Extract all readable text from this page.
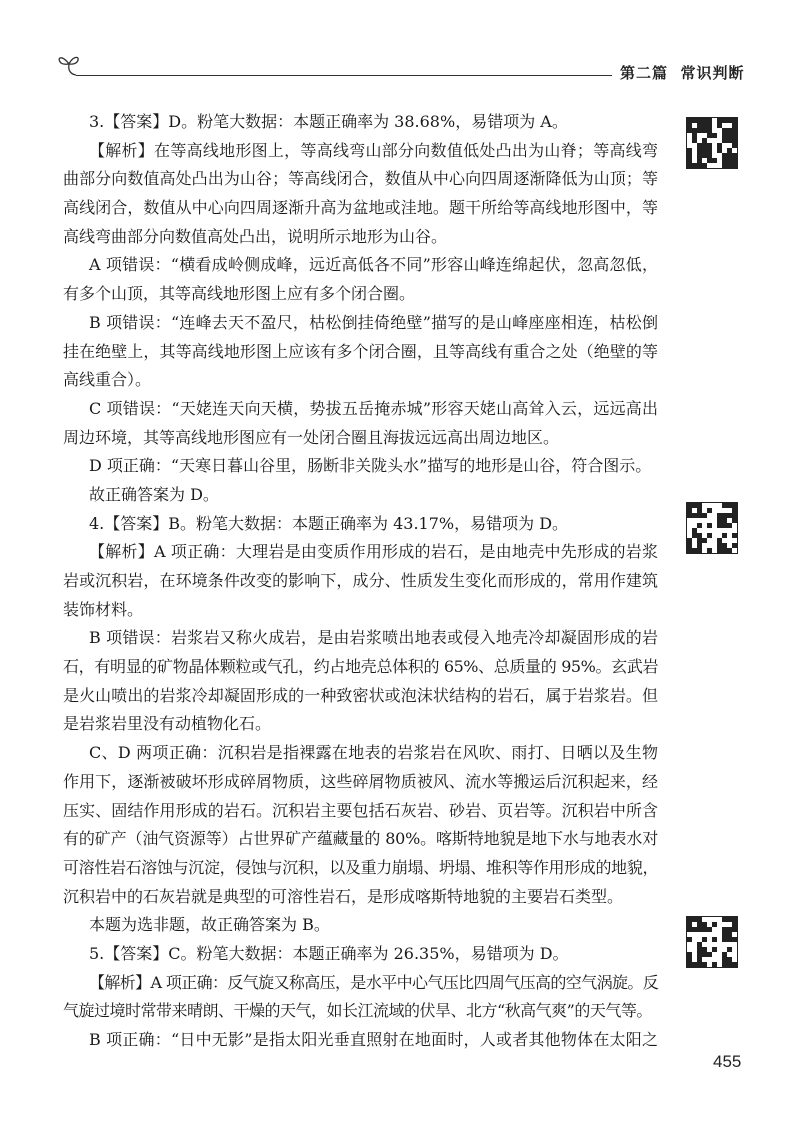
第二篇  常识判断
3.【答案】D。粉笔大数据：本题正确率为 38.68%，易错项为 A。
【解析】在等高线地形图上，等高线弯山部分向数值低处凸出为山脊；等高线弯
曲部分向数值高处凸出为山谷；等高线闭合，数值从中心向四周逐渐降低为山顶；等
高线闭合，数值从中心向四周逐渐升高为盆地或洼地。题干所给等高线地形图中，等
高线弯曲部分向数值高处凸出，说明所示地形为山谷。
A 项错误：“横看成岭侧成峰，远近高低各不同”形容山峰连绵起伏，忽高忽低，
有多个山顶，其等高线地形图上应有多个闭合圈。
B 项错误：“连峰去天不盈尺，枯松倒挂倚绝壁”描写的是山峰座座相连，枯松倒
挂在绝壁上，其等高线地形图上应该有多个闭合圈，且等高线有重合之处（绝壁的等
高线重合）。
C 项错误：“天姥连天向天横，势拔五岳掩赤城”形容天姥山高耸入云，远远高出
周边环境，其等高线地形图应有一处闭合圈且海拔远远高出周边地区。
D 项正确：“天寒日暮山谷里，肠断非关陇头水”描写的地形是山谷，符合图示。
故正确答案为 D。
4.【答案】B。粉笔大数据：本题正确率为 43.17%，易错项为 D。
【解析】A 项正确：大理岩是由变质作用形成的岩石，是由地壳中先形成的岩浆
岩或沉积岩，在环境条件改变的影响下，成分、性质发生变化而形成的，常用作建筑
装饰材料。
B 项错误：岩浆岩又称火成岩，是由岩浆喷出地表或侵入地壳冷却凝固形成的岩
石，有明显的矿物晶体颗粒或气孔，约占地壳总体积的 65%、总质量的 95%。玄武岩
是火山喷出的岩浆冷却凝固形成的一种致密状或泡沫状结构的岩石，属于岩浆岩。但
是岩浆岩里没有动植物化石。
C、D 两项正确：沉积岩是指裸露在地表的岩浆岩在风吹、雨打、日晒以及生物
作用下，逐渐被破坏形成碎屑物质，这些碎屑物质被风、流水等搬运后沉积起来，经
压实、固结作用形成的岩石。沉积岩主要包括石灰岩、砂岩、页岩等。沉积岩中所含
有的矿产（油气资源等）占世界矿产蕴藏量的 80%。喀斯特地貌是地下水与地表水对
可溶性岩石溶蚀与沉淀，侵蚀与沉积，以及重力崩塌、坍塌、堆积等作用形成的地貌，
沉积岩中的石灰岩就是典型的可溶性岩石，是形成喀斯特地貌的主要岩石类型。
本题为选非题，故正确答案为 B。
5.【答案】C。粉笔大数据：本题正确率为 26.35%，易错项为 D。
【解析】A 项正确：反气旋又称高压，是水平中心气压比四周气压高的空气涡旋。反
气旋过境时常带来晴朗、干燥的天气，如长江流域的伏旱、北方“秋高气爽”的天气等。
B 项正确：“日中无影”是指太阳光垂直照射在地面时，人或者其他物体在太阳之
455
